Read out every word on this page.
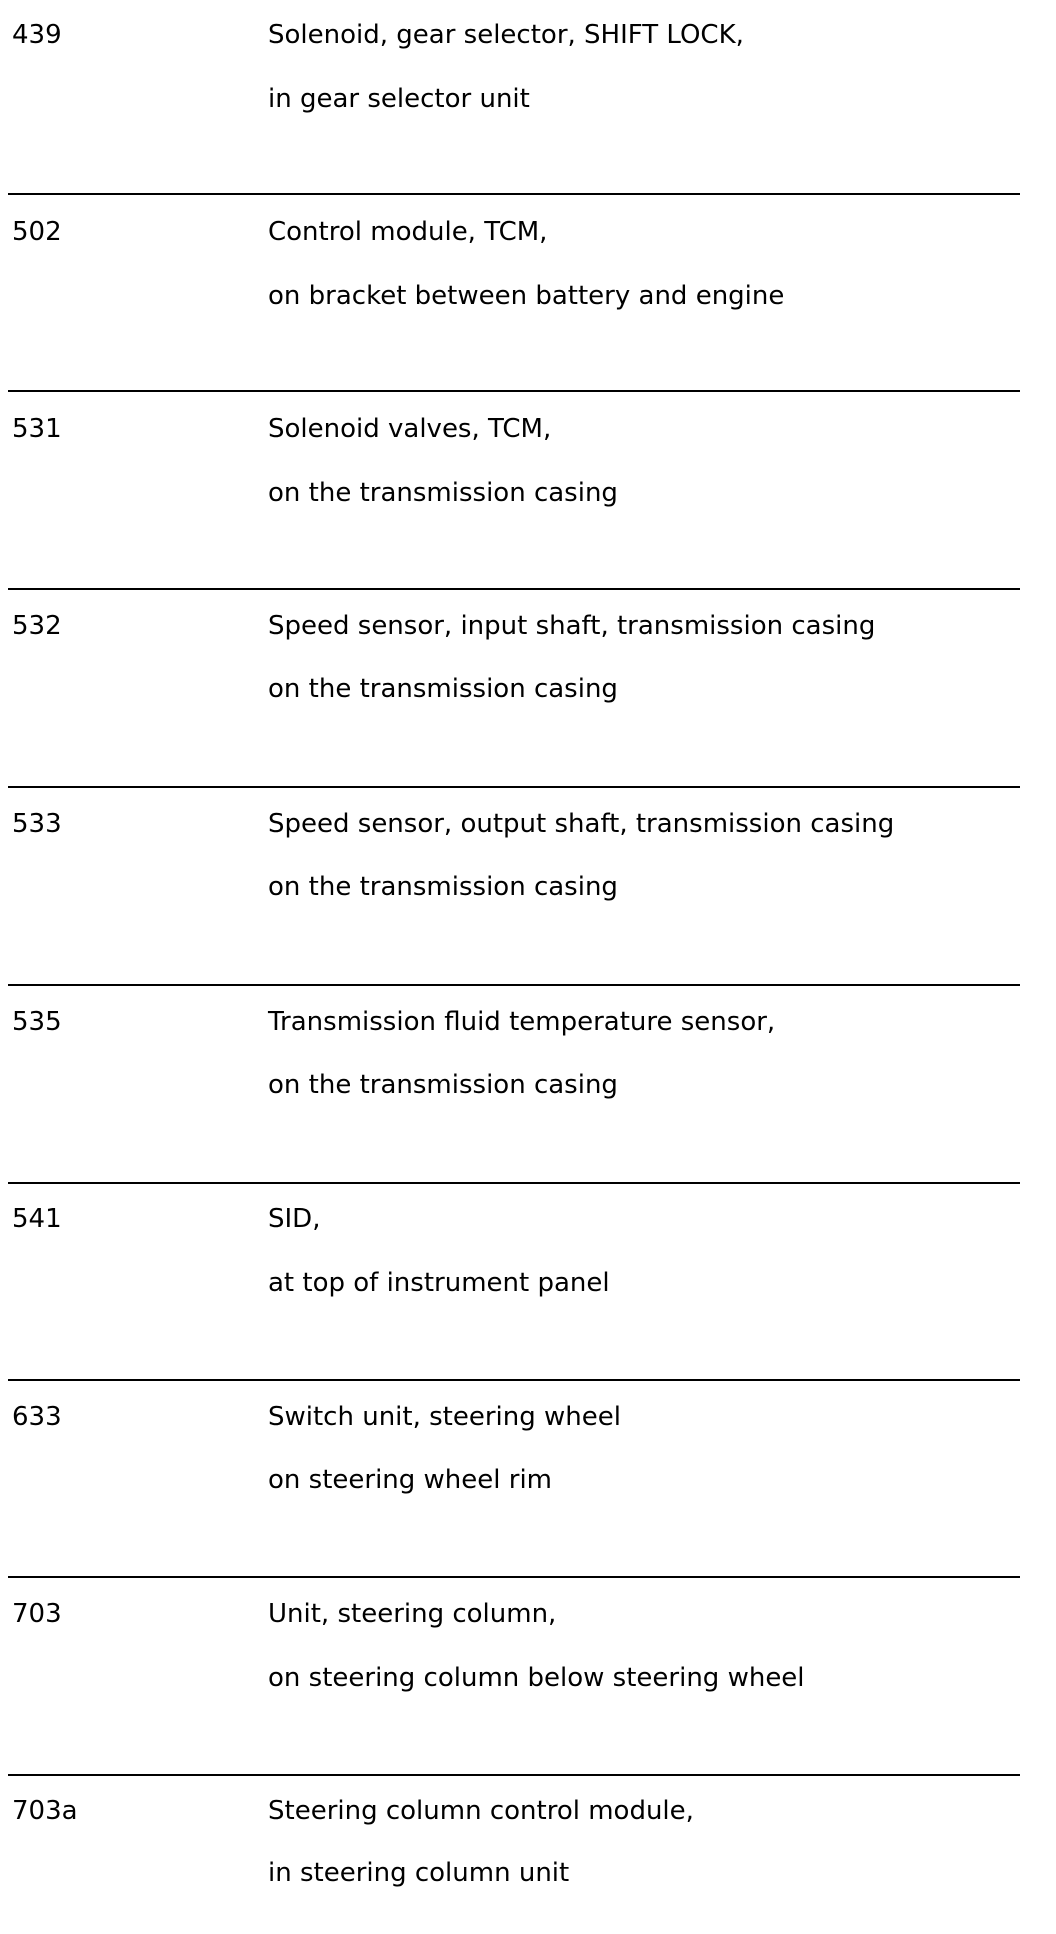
439	Solenoid, gear selector, SHIFT LOCK,
in gear selector unit
502	Control module, TCM,
on bracket between battery and engine
531	Solenoid valves, TCM,
on the transmission casing
532	Speed sensor, input shaft, transmission casing
on the transmission casing
533	Speed sensor, output shaft, transmission casing
on the transmission casing
535	Transmission fluid temperature sensor,
on the transmission casing
541	SID,
at top of instrument panel
633	Switch unit, steering wheel
on steering wheel rim
703	Unit, steering column,
on steering column below steering wheel
703a	Steering column control module,
in steering column unit
